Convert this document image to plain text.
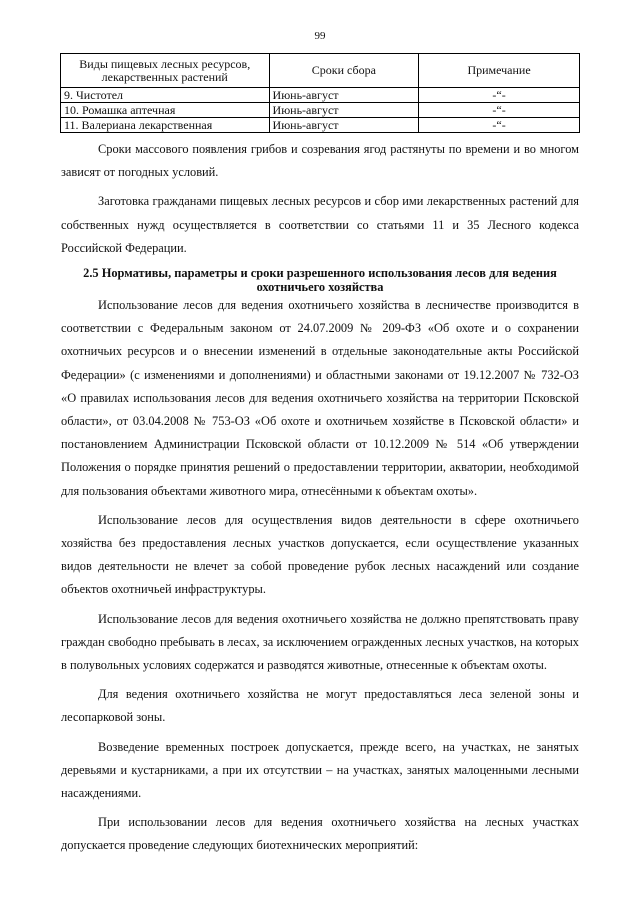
99
Виды пищевых лесных ресурсов, лекарственных растений	Сроки сбора	Примечание
9. Чистотел	Июнь-август	-“-
10. Ромашка аптечная	Июнь-август	-“-
11. Валериана лекарственная	Июнь-август	-“-

Сроки массового появления грибов и созревания ягод растянуты по времени и во многом зависят от погодных условий.

Заготовка гражданами пищевых лесных ресурсов и сбор ими лекарственных растений для собственных нужд осуществляется в соответствии со статьями 11 и 35 Лесного кодекса Российской Федерации.

2.5 Нормативы, параметры и сроки разрешенного использования лесов для ведения охотничьего хозяйства

Использование лесов для ведения охотничьего хозяйства в лесничестве производится в соответствии с Федеральным законом от 24.07.2009 № 209-ФЗ «Об охоте и о сохранении охотничьих ресурсов и о внесении изменений в отдельные законодательные акты Российской Федерации» (с изменениями и дополнениями) и областными законами от 19.12.2007 № 732-ОЗ «О правилах использования лесов для ведения охотничьего хозяйства на территории Псковской области», от 03.04.2008 № 753-ОЗ «Об охоте и охотничьем хозяйстве в Псковской области» и постановлением Администрации Псковской области от 10.12.2009 № 514 «Об утверждении Положения о порядке принятия решений о предоставлении территории, акватории, необходимой для пользования объектами животного мира, отнесёнными к объектам охоты».

Использование лесов для осуществления видов деятельности в сфере охотничьего хозяйства без предоставления лесных участков допускается, если осуществление указанных видов деятельности не влечет за собой проведение рубок лесных насаждений или создание объектов охотничьей инфраструктуры.

Использование лесов для ведения охотничьего хозяйства не должно препятствовать праву граждан свободно пребывать в лесах, за исключением огражденных лесных участков, на которых в полувольных условиях содержатся и разводятся животные, отнесенные к объектам охоты.

Для ведения охотничьего хозяйства не могут предоставляться леса зеленой зоны и лесопарковой зоны.

Возведение временных построек допускается, прежде всего, на участках, не занятых деревьями и кустарниками, а при их отсутствии – на участках, занятых малоценными лесными насаждениями.

При использовании лесов для ведения охотничьего хозяйства на лесных участках допускается проведение следующих биотехнических мероприятий:
